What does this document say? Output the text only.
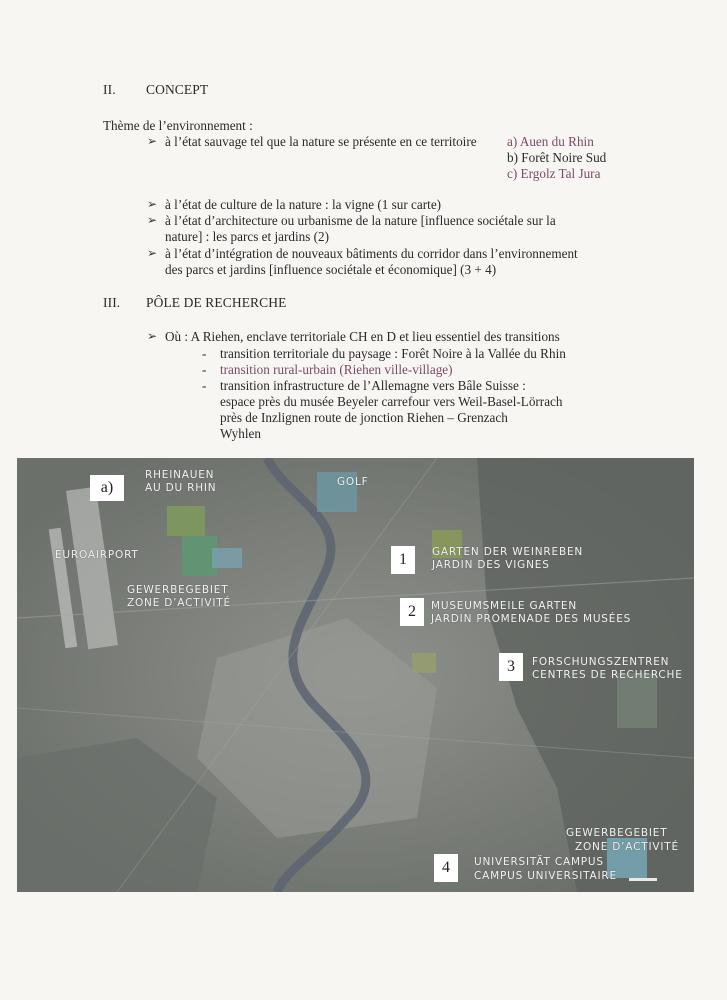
II. CONCEPT
Thème de l’environnement :
➢ à l’état sauvage tel que la nature se présente en ce territoire a) Auen du Rhin
b) Forêt Noire Sud
c) Ergolz Tal Jura
➢ à l’état de culture de la nature : la vigne (1 sur carte)
➢ à l’état d’architecture ou urbanisme de la nature [influence sociétale sur la
nature] : les parcs et jardins (2)
➢ à l’état d’intégration de nouveaux bâtiments du corridor dans l’environnement
des parcs et jardins [influence sociétale et économique] (3 + 4)
III. PÔLE DE RECHERCHE
➢ Où : A Riehen, enclave territoriale CH en D et lieu essentiel des transitions
- transition territoriale du paysage : Forêt Noire à la Vallée du Rhin
- transition rural-urbain (Riehen ville-village)
- transition infrastructure de l’Allemagne vers Bâle Suisse :
espace près du musée Beyeler carrefour vers Weil-Basel-Lörrach
près de Inzlignen route de jonction Riehen – Grenzach
Wyhlen
a)
RHEINAUEN
AU DU RHIN	GOLF
EUROAIRPORT
GEWERBEGEBIET
ZONE D’ACTIVITÉ
1	GARTEN DER WEINREBEN
JARDIN DES VIGNES
2	MUSEUMSMEILE GARTEN
JARDIN PROMENADE DES MUSÉES
3	FORSCHUNGSZENTREN
CENTRES DE RECHERCHE
GEWERBEGEBIET
ZONE D’ACTIVITÉ
4	UNIVERSITÄT CAMPUS
CAMPUS UNIVERSITAIRE
